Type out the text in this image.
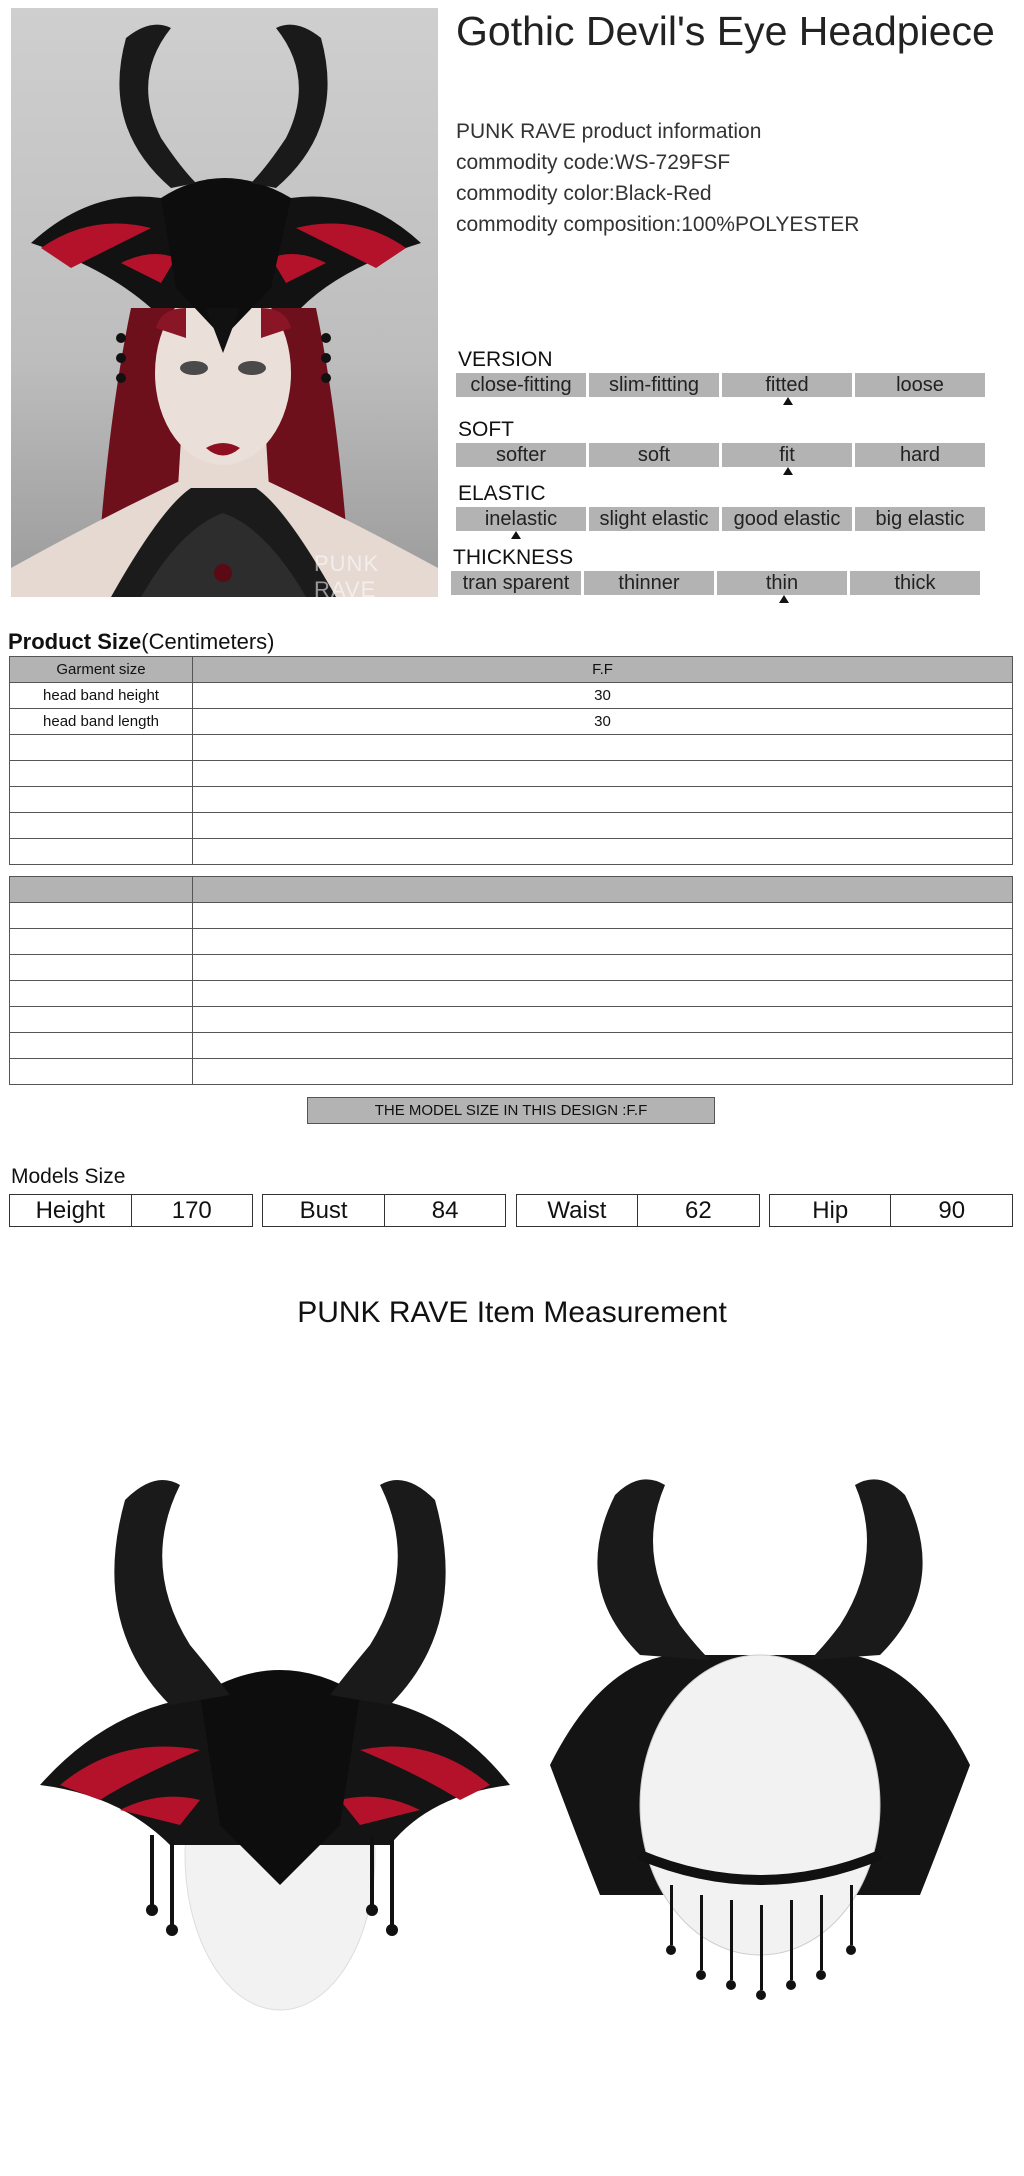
PUNK RAVE
Gothic Devil's Eye Headpiece
PUNK RAVE product information
commodity code:WS-729FSF
commodity color:Black-Red
commodity composition:100%POLYESTER
VERSION
close-fitting	slim-fitting	fitted	loose
SOFT
softer	soft	fit	hard
ELASTIC
inelastic	slight elastic	good elastic	big elastic
THICKNESS
tran sparent	thinner	thin	thick
Product Size(Centimeters)
Garment size	F.F
head band height	30
head band length	30

THE MODEL SIZE IN THIS DESIGN :F.F
Models Size
Height	170	Bust	84	Waist	62	Hip	90
PUNK RAVE Item Measurement
